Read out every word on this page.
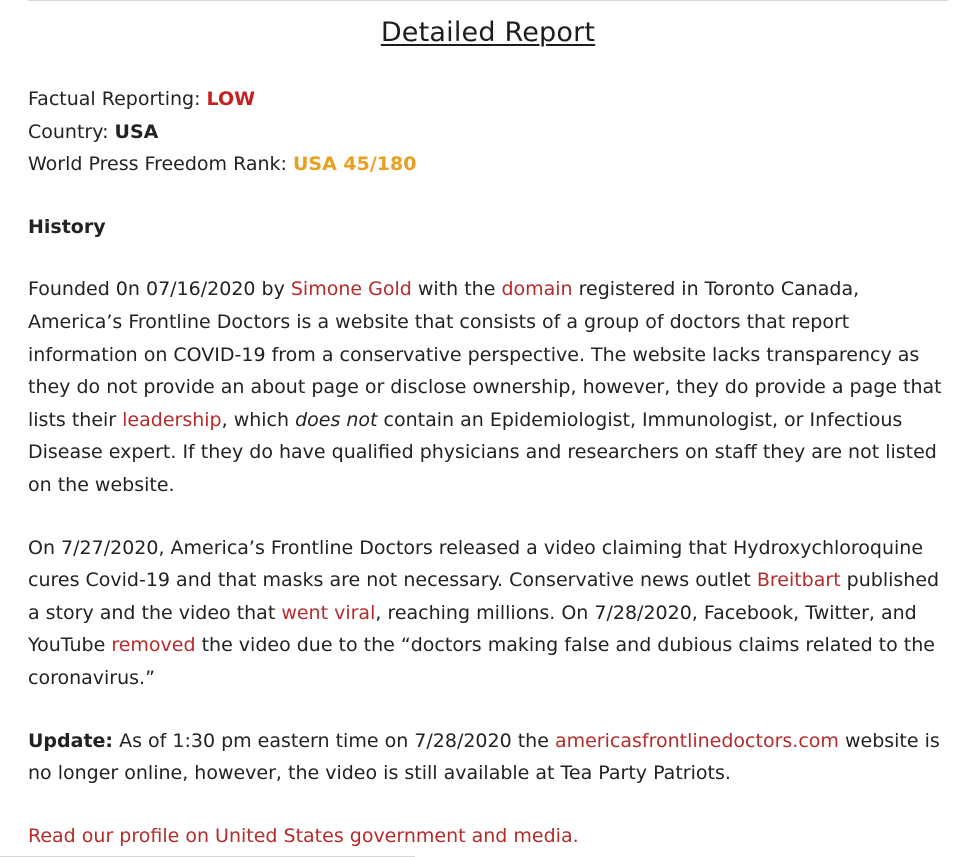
Detailed Report

Factual Reporting: LOW

Country: USA

World Press Freedom Rank: USA 45/180

History

Founded 0n 07/16/2020 by Simone Gold with the domain registered in Toronto Canada, America’s Frontline Doctors is a website that consists of a group of doctors that report information on COVID-19 from a conservative perspective. The website lacks transparency as they do not provide an about page or disclose ownership, however, they do provide a page that lists their leadership, which does not contain an Epidemiologist, Immunologist, or Infectious Disease expert. If they do have qualified physicians and researchers on staff they are not listed on the website.

On 7/27/2020, America’s Frontline Doctors released a video claiming that Hydroxychloroquine cures Covid-19 and that masks are not necessary. Conservative news outlet Breitbart published a story and the video that went viral, reaching millions. On 7/28/2020, Facebook, Twitter, and YouTube removed the video due to the “doctors making false and dubious claims related to the coronavirus.”

Update: As of 1:30 pm eastern time on 7/28/2020 the americasfrontlinedoctors.com website is no longer online, however, the video is still available at Tea Party Patriots.

Read our profile on United States government and media.
